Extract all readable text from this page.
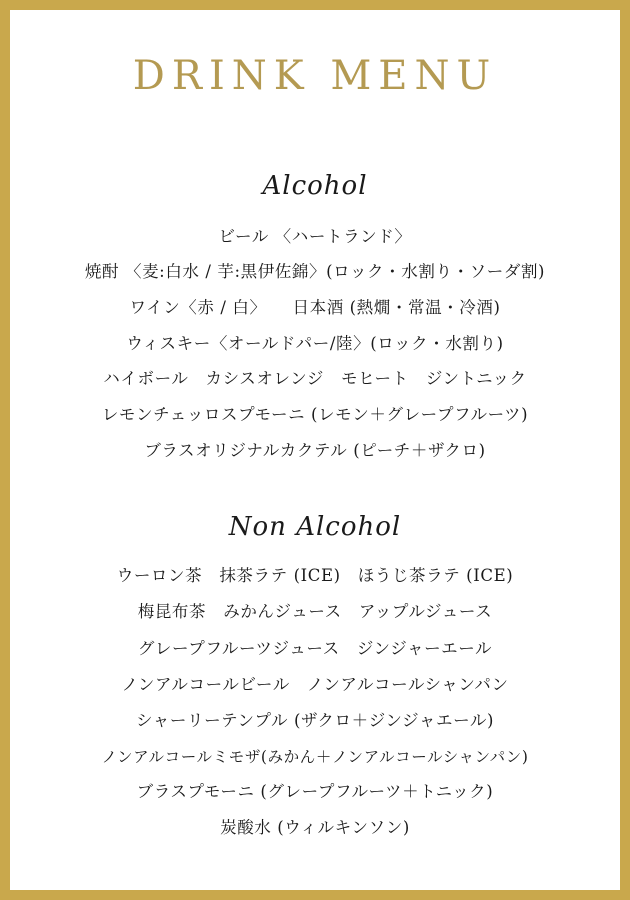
DRINK MENU
Alcohol
ビール 〈ハートランド〉
焼酎 〈麦:白水 / 芋:黒伊佐錦〉(ロック・水割り・ソーダ割)
ワイン〈赤 / 白〉　　日本酒 (熱燗・常温・冷酒)
ウィスキー〈オールドパー/陸〉(ロック・水割り)
ハイボール　カシスオレンジ　モヒート　ジントニック
レモンチェッロスプモーニ (レモン＋グレープフルーツ)
ブラスオリジナルカクテル (ピーチ＋ザクロ)
Non Alcohol
ウーロン茶　抹茶ラテ (ICE)　ほうじ茶ラテ (ICE)
梅昆布茶　みかんジュース　アップルジュース
グレープフルーツジュース　ジンジャーエール
ノンアルコールビール　ノンアルコールシャンパン
シャーリーテンプル (ザクロ＋ジンジャエール)
ノンアルコールミモザ(みかん＋ノンアルコールシャンパン)
ブラスプモーニ (グレープフルーツ＋トニック)
炭酸水 (ウィルキンソン)
